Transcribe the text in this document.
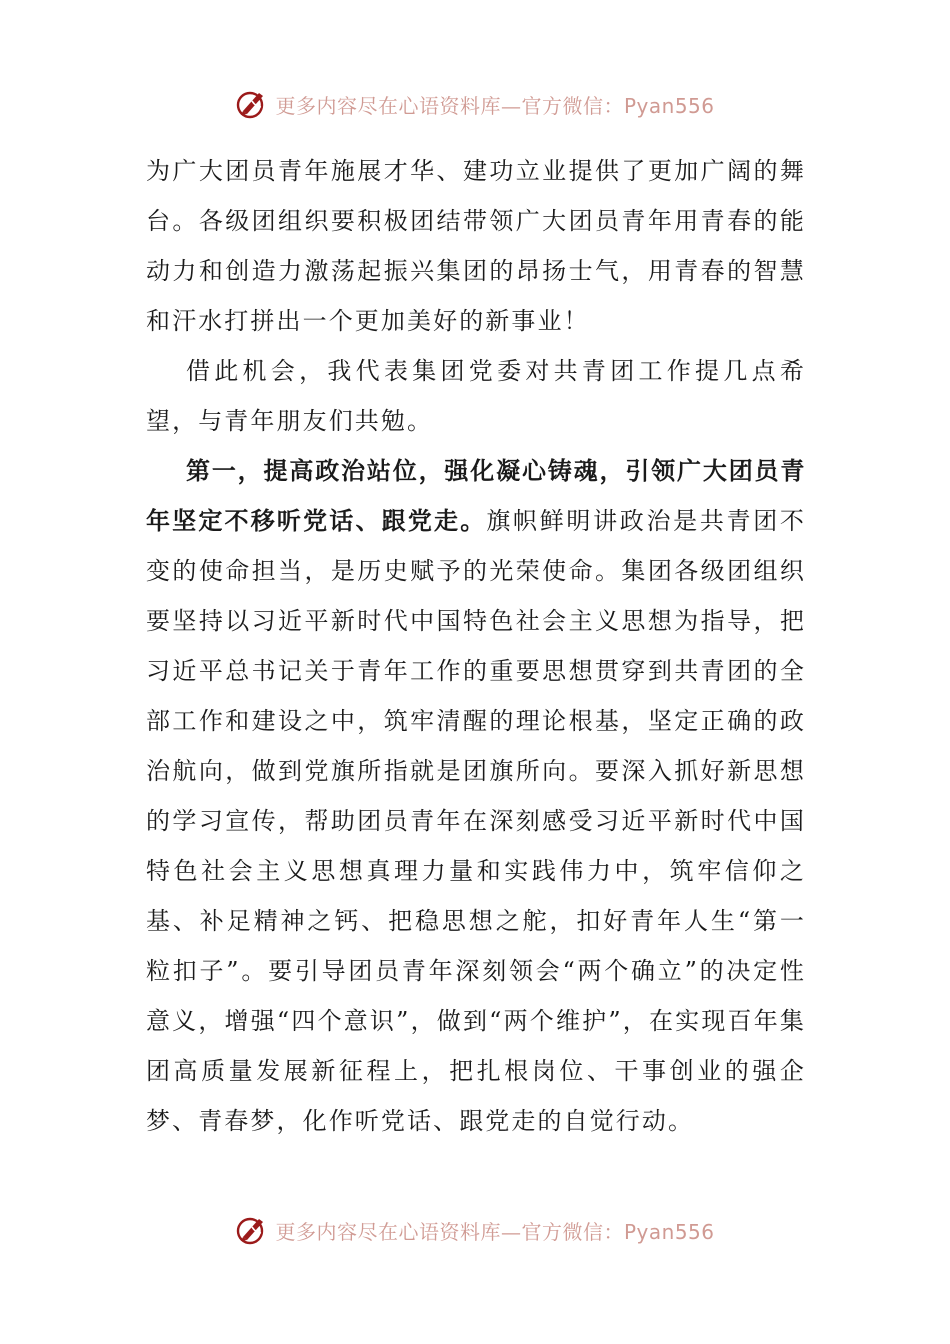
更多内容尽在心语资料库—官方微信：Pyan556

为广大团员青年施展才华、建功立业提供了更加广阔的舞台。各级团组织要积极团结带领广大团员青年用青春的能动力和创造力激荡起振兴集团的昂扬士气，用青春的智慧和汗水打拼出一个更加美好的新事业！

借此机会，我代表集团党委对共青团工作提几点希望，与青年朋友们共勉。

第一，提高政治站位，强化凝心铸魂，引领广大团员青年坚定不移听党话、跟党走。旗帜鲜明讲政治是共青团不变的使命担当，是历史赋予的光荣使命。集团各级团组织要坚持以习近平新时代中国特色社会主义思想为指导，把习近平总书记关于青年工作的重要思想贯穿到共青团的全部工作和建设之中，筑牢清醒的理论根基，坚定正确的政治航向，做到党旗所指就是团旗所向。要深入抓好新思想的学习宣传，帮助团员青年在深刻感受习近平新时代中国特色社会主义思想真理力量和实践伟力中，筑牢信仰之基、补足精神之钙、把稳思想之舵，扣好青年人生“第一粒扣子”。要引导团员青年深刻领会“两个确立”的决定性意义，增强“四个意识”，做到“两个维护”，在实现百年集团高质量发展新征程上，把扎根岗位、干事创业的强企梦、青春梦，化作听党话、跟党走的自觉行动。

更多内容尽在心语资料库—官方微信：Pyan556
